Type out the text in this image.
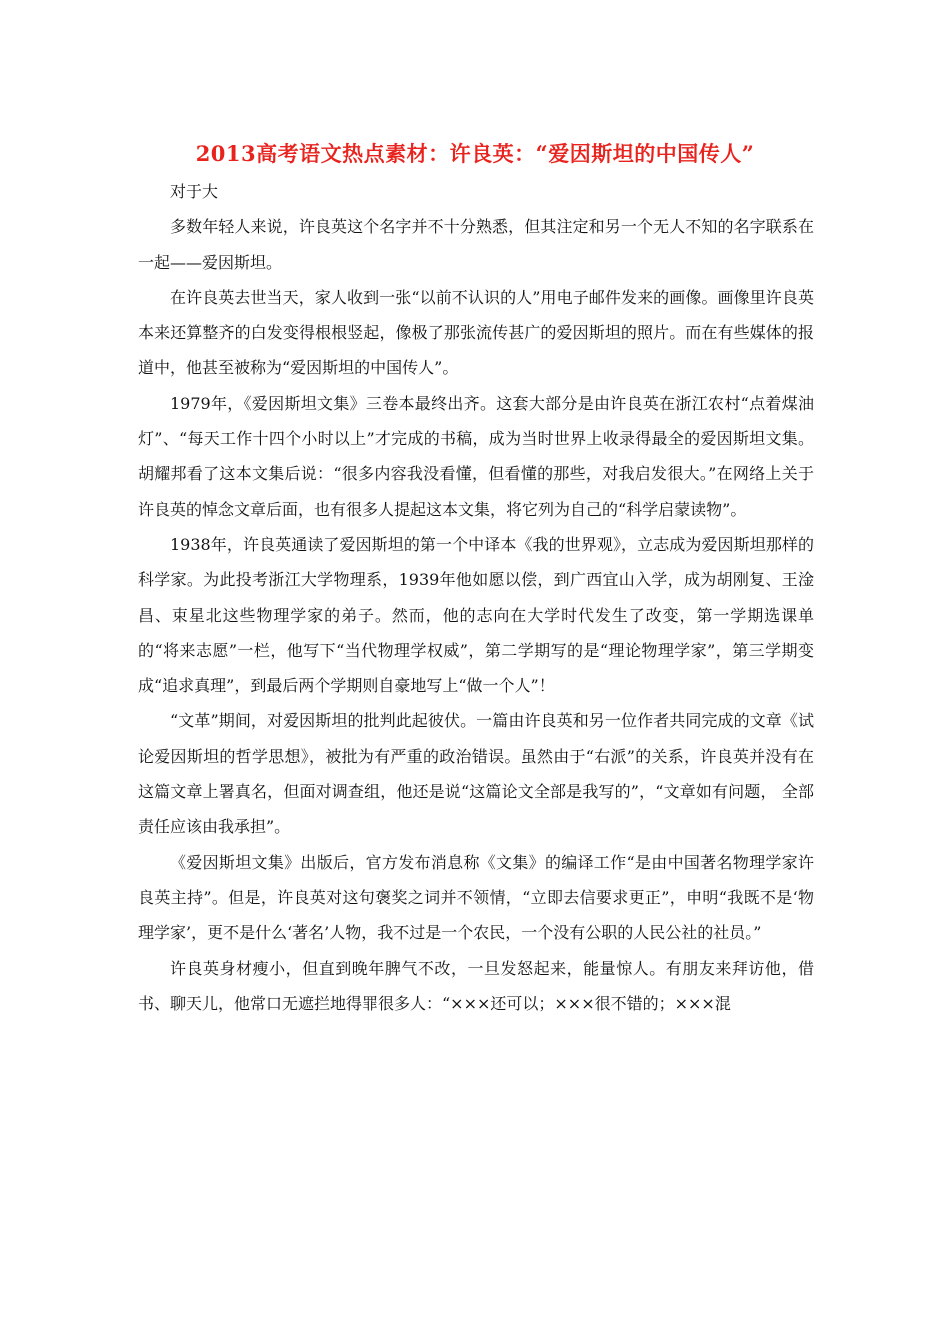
2013高考语文热点素材：许良英：“爱因斯坦的中国传人”

对于大

多数年轻人来说，许良英这个名字并不十分熟悉，但其注定和另一个无人不知的名字联系在一起——爱因斯坦。

在许良英去世当天，家人收到一张“以前不认识的人”用电子邮件发来的画像。画像里许良英本来还算整齐的白发变得根根竖起，像极了那张流传甚广的爱因斯坦的照片。而在有些媒体的报道中，他甚至被称为“爱因斯坦的中国传人”。

1979年，《爱因斯坦文集》三卷本最终出齐。这套大部分是由许良英在浙江农村“点着煤油灯”、“每天工作十四个小时以上”才完成的书稿，成为当时世界上收录得最全的爱因斯坦文集。胡耀邦看了这本文集后说：“很多内容我没看懂，但看懂的那些，对我启发很大。”在网络上关于许良英的悼念文章后面，也有很多人提起这本文集，将它列为自己的“科学启蒙读物”。

1938年，许良英通读了爱因斯坦的第一个中译本《我的世界观》，立志成为爱因斯坦那样的科学家。为此投考浙江大学物理系，1939年他如愿以偿，到广西宜山入学，成为胡刚复、王淦昌、束星北这些物理学家的弟子。然而，他的志向在大学时代发生了改变，第一学期选课单的“将来志愿”一栏，他写下“当代物理学权威”，第二学期写的是“理论物理学家”，第三学期变成“追求真理”，到最后两个学期则自豪地写上“做一个人”！

“文革”期间，对爱因斯坦的批判此起彼伏。一篇由许良英和另一位作者共同完成的文章《试论爱因斯坦的哲学思想》，被批为有严重的政治错误。虽然由于“右派”的关系，许良英并没有在这篇文章上署真名，但面对调查组，他还是说“这篇论文全部是我写的”，“文章如有问题， 全部责任应该由我承担”。

《爱因斯坦文集》出版后，官方发布消息称《文集》的编译工作“是由中国著名物理学家许良英主持”。但是，许良英对这句褒奖之词并不领情，“立即去信要求更正”，申明“我既不是‘物理学家’，更不是什么‘著名’人物，我不过是一个农民，一个没有公职的人民公社的社员。”

许良英身材瘦小，但直到晚年脾气不改，一旦发怒起来，能量惊人。有朋友来拜访他，借书、聊天儿，他常口无遮拦地得罪很多人：“×××还可以；×××很不错的；×××混
